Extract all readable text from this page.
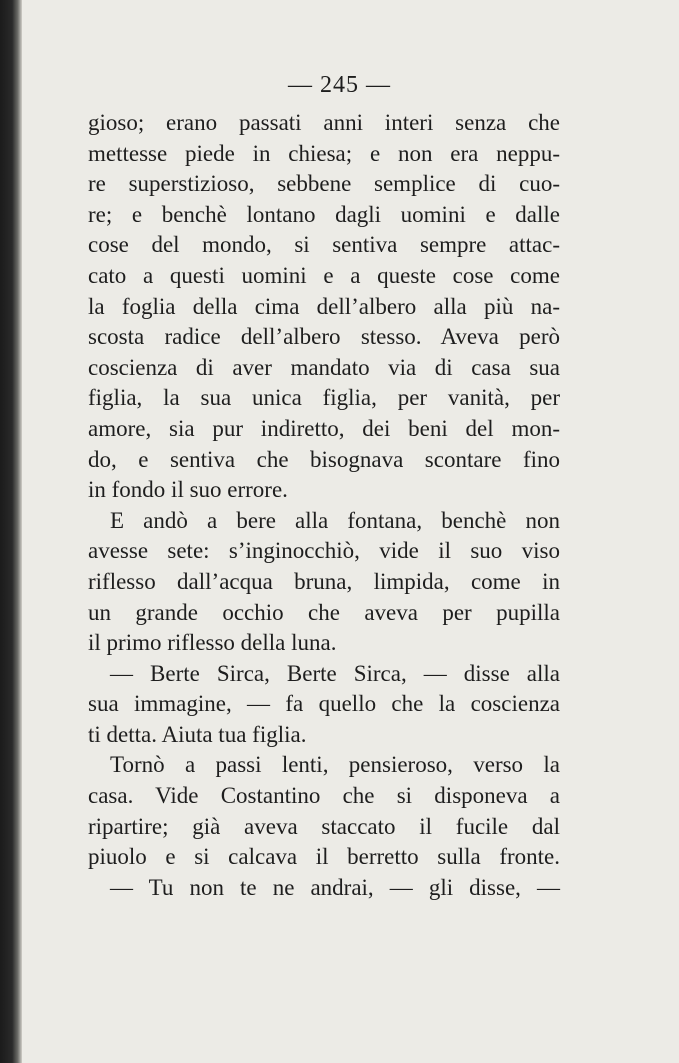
— 245 —
gioso; erano passati anni interi senza che
mettesse piede in chiesa; e non era neppu-
re superstizioso, sebbene semplice di cuo-
re; e benchè lontano dagli uomini e dalle
cose del mondo, si sentiva sempre attac-
cato a questi uomini e a queste cose come
la foglia della cima dell’albero alla più na-
scosta radice dell’albero stesso. Aveva però
coscienza di aver mandato via di casa sua
figlia, la sua unica figlia, per vanità, per
amore, sia pur indiretto, dei beni del mon-
do, e sentiva che bisognava scontare fino
in fondo il suo errore.
E andò a bere alla fontana, benchè non
avesse sete: s’inginocchiò, vide il suo viso
riflesso dall’acqua bruna, limpida, come in
un grande occhio che aveva per pupilla
il primo riflesso della luna.
— Berte Sirca, Berte Sirca, — disse alla
sua immagine, — fa quello che la coscienza
ti detta. Aiuta tua figlia.
Tornò a passi lenti, pensieroso, verso la
casa. Vide Costantino che si disponeva a
ripartire; già aveva staccato il fucile dal
piuolo e si calcava il berretto sulla fronte.
— Tu non te ne andrai, — gli disse, —
